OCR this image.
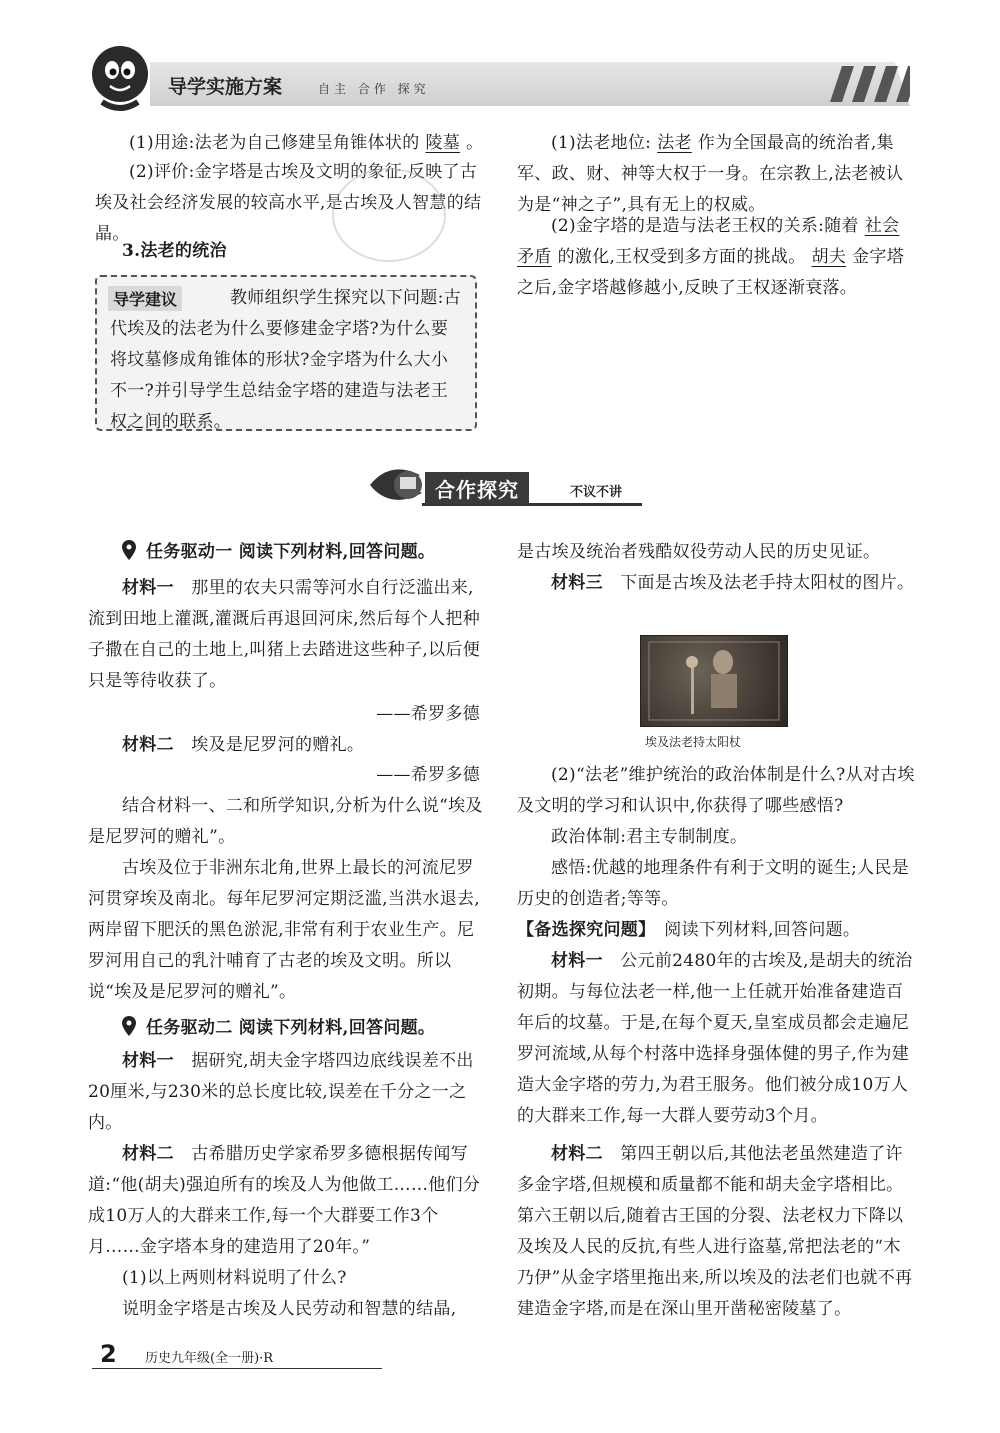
导学实施方案	自主 合作 探究

(1)用途:法老为自己修建呈角锥体状的 陵墓 。

(2)评价:金字塔是古埃及文明的象征,反映了古埃及社会经济发展的较高水平,是古埃及人智慧的结晶。

3.法老的统治

导学建议	教师组织学生探究以下问题:古代埃及的法老为什么要修建金字塔?为什么要将坟墓修成角锥体的形状?金字塔为什么大小不一?并引导学生总结金字塔的建造与法老王权之间的联系。

(1)法老地位: 法老 作为全国最高的统治者,集军、政、财、神等大权于一身。在宗教上,法老被认为是“神之子”,具有无上的权威。

(2)金字塔的是造与法老王权的关系:随着 社会矛盾 的激化,王权受到多方面的挑战。 胡夫 金字塔之后,金字塔越修越小,反映了王权逐渐衰落。

合作探究	不议不讲

任务驱动一 阅读下列材料,回答问题。

材料一　 那里的农夫只需等河水自行泛滥出来,流到田地上灌溉,灌溉后再退回河床,然后每个人把种子撒在自己的土地上,叫猪上去踏进这些种子,以后便只是等待收获了。

——希罗多德

材料二　 埃及是尼罗河的赠礼。

——希罗多德

结合材料一、二和所学知识,分析为什么说“埃及是尼罗河的赠礼”。

古埃及位于非洲东北角,世界上最长的河流尼罗河贯穿埃及南北。每年尼罗河定期泛滥,当洪水退去,两岸留下肥沃的黑色淤泥,非常有利于农业生产。尼罗河用自己的乳汁哺育了古老的埃及文明。所以说“埃及是尼罗河的赠礼”。

任务驱动二 阅读下列材料,回答问题。

材料一　 据研究,胡夫金字塔四边底线误差不出20厘米,与230米的总长度比较,误差在千分之一之内。

材料二　 古希腊历史学家希罗多德根据传闻写道:“他(胡夫)强迫所有的埃及人为他做工……他们分成10万人的大群来工作,每一个大群要工作3个月……金字塔本身的建造用了20年。”

(1)以上两则材料说明了什么?

说明金字塔是古埃及人民劳动和智慧的结晶,

是古埃及统治者残酷奴役劳动人民的历史见证。

材料三　 下面是古埃及法老手持太阳杖的图片。

埃及法老持太阳杖

(2)“法老”维护统治的政治体制是什么?从对古埃及文明的学习和认识中,你获得了哪些感悟?

政治体制:君主专制制度。

感悟:优越的地理条件有利于文明的诞生;人民是历史的创造者;等等。

【备选探究问题】　 阅读下列材料,回答问题。

材料一　 公元前2480年的古埃及,是胡夫的统治初期。与每位法老一样,他一上任就开始准备建造百年后的坟墓。于是,在每个夏天,皇室成员都会走遍尼罗河流域,从每个村落中选择身强体健的男子,作为建造大金字塔的劳力,为君王服务。他们被分成10万人的大群来工作,每一大群人要劳动3个月。

材料二　 第四王朝以后,其他法老虽然建造了许多金字塔,但规模和质量都不能和胡夫金字塔相比。第六王朝以后,随着古王国的分裂、法老权力下降以及埃及人民的反抗,有些人进行盗墓,常把法老的“木乃伊”从金字塔里拖出来,所以埃及的法老们也就不再建造金字塔,而是在深山里开凿秘密陵墓了。

2 历史九年级(全一册)·R
